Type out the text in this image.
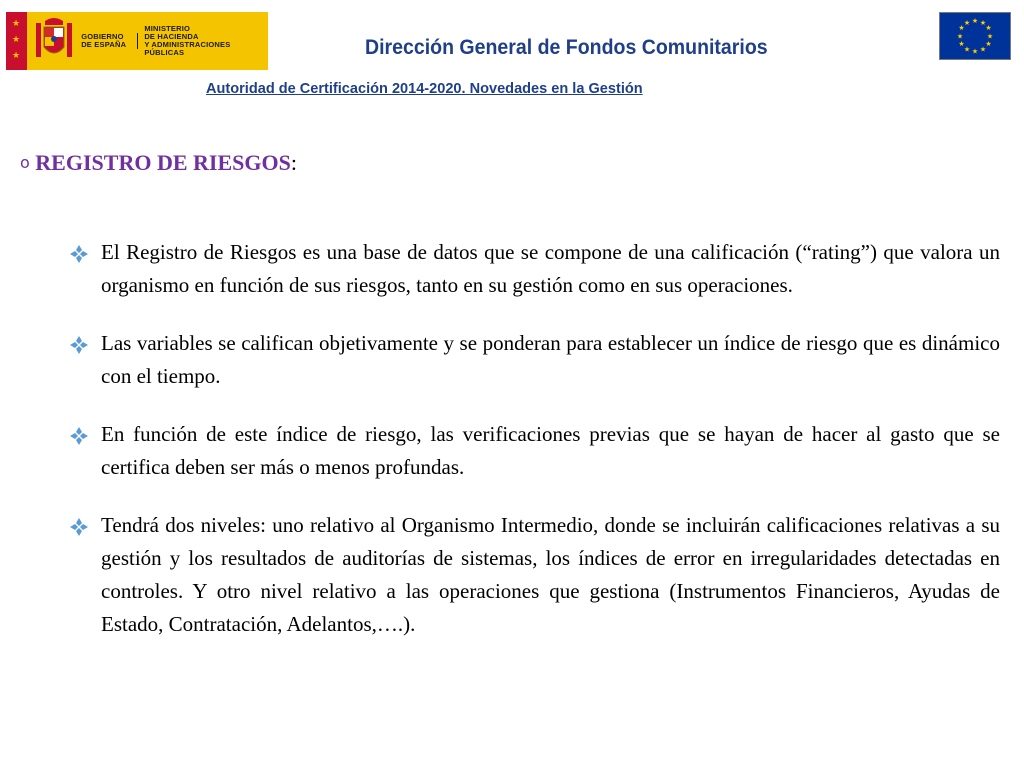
★
★
★
GOBIERNO
DE ESPAÑA
MINISTERIO
DE HACIENDA
Y ADMINISTRACIONES PÚBLICAS	Dirección General de Fondos Comunitarios
Autoridad de Certificación 2014-2020. Novedades en la Gestión
★ ★
★
★
★
★
★
★
★
★
★
★
o REGISTRO DE RIESGOS:
El Registro de Riesgos es una base de datos que se compone de una calificación (“rating”) que valora un organismo en función de sus riesgos, tanto en su gestión como en sus operaciones.
Las variables se califican objetivamente y se ponderan para establecer un índice de riesgo que es dinámico con el tiempo.
En función de este índice de riesgo, las verificaciones previas que se hayan de hacer al gasto que se certifica deben ser más o menos profundas.
Tendrá dos niveles: uno relativo al Organismo Intermedio, donde se incluirán calificaciones relativas a su gestión y los resultados de auditorías de sistemas, los índices de error en irregularidades detectadas en controles. Y otro nivel relativo a las operaciones que gestiona (Instrumentos Financieros, Ayudas de Estado, Contratación, Adelantos,….).
